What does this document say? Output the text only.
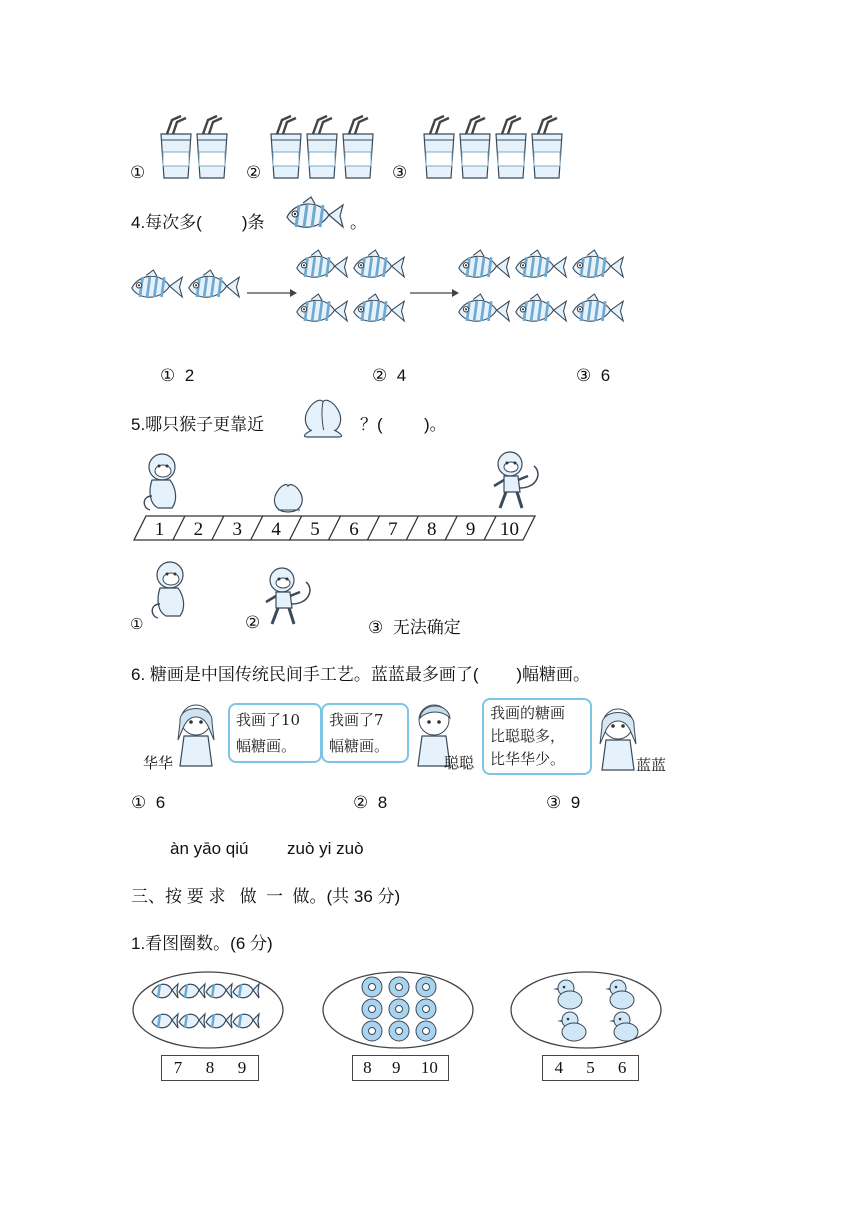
①	②	③
4.每次多( )条	。
① 2	② 4	③ 6
5.哪只猴子更靠近	？( )。
1 2 3 4 5 6 7 8 9 10
①	②	③ 无法确定
6. 糖画是中国传统民间手工艺。蓝蓝最多画了(        )幅糖画。
华华
我画了10
幅糖画。
我画了7
幅糖画。
聪聪
我画的糖画
比聪聪多，
比华华少。	蓝蓝
① 6	② 8	③ 9
àn yāo qiú zuò yi zuò
三、按 要 求   做  一  做。(共 36 分)
1.看图圈数。(6 分)
7 8 9	8 9 10	4 5 6
